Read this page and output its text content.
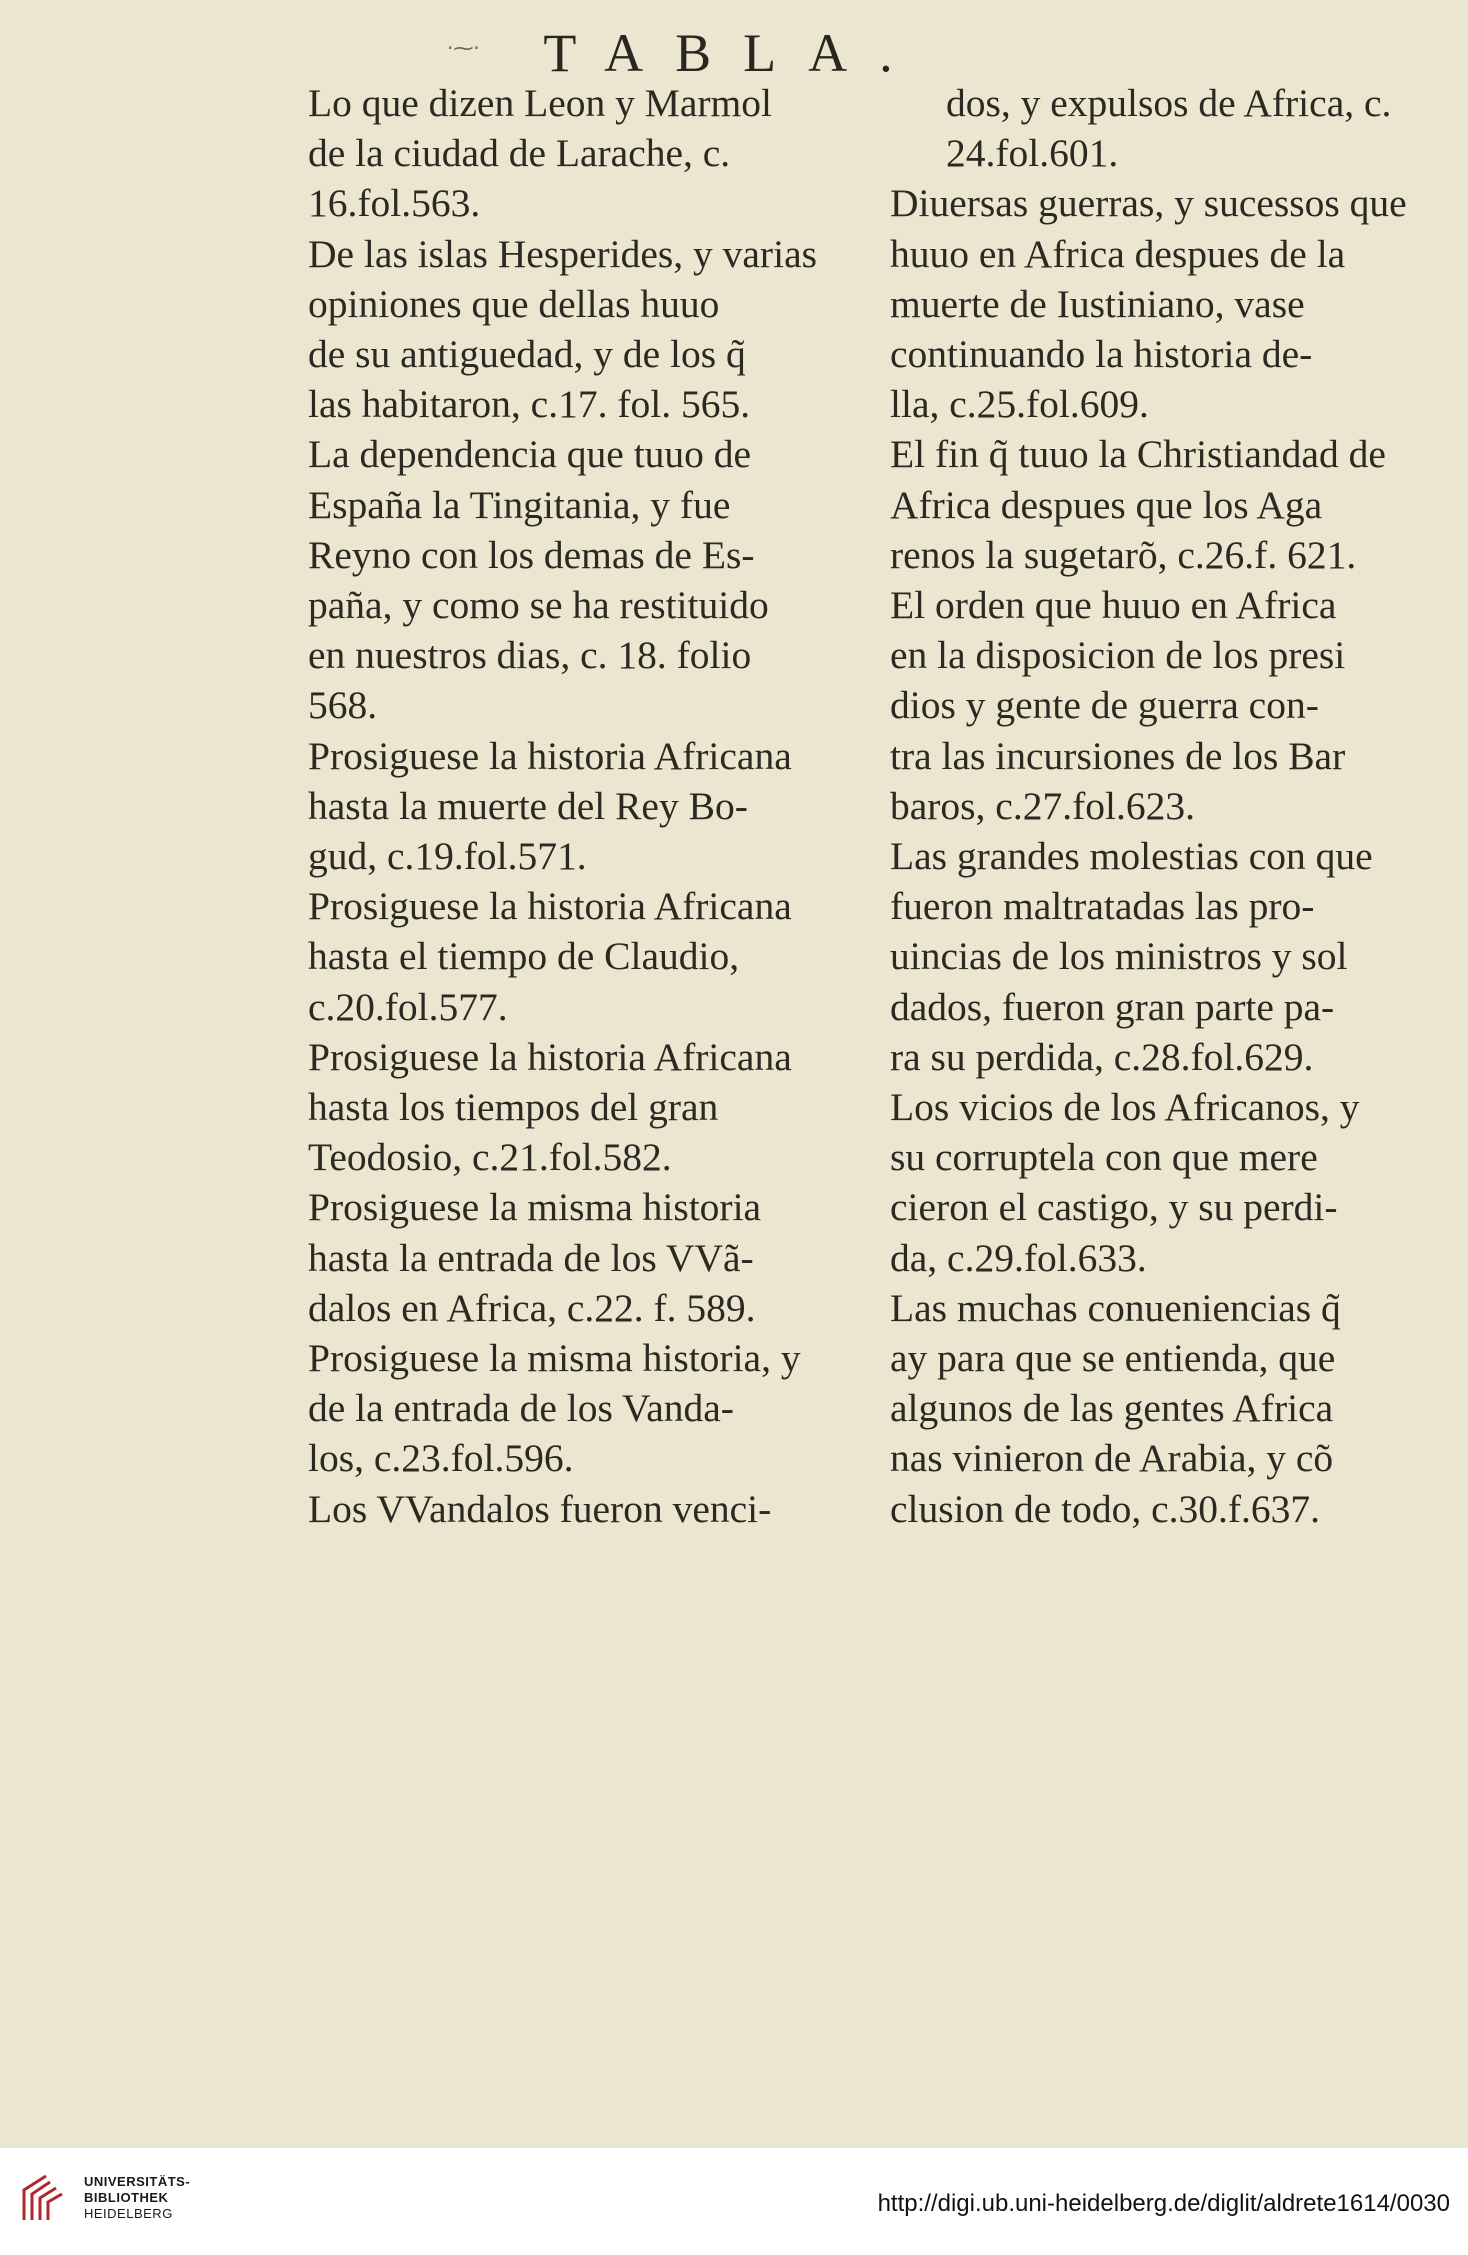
·⁓·	TABLA.
Lo que dizen Leon y Marmol
de la ciudad de Larache, c.
16.fol.563.
De las islas Hesperides, y varias
opiniones que dellas huuo
de su antiguedad, y de los q̃
las habitaron, c.17. fol. 565.
La dependencia que tuuo de
España la Tingitania, y fue
Reyno con los demas de Es-
paña, y como se ha restituido
en nuestros dias, c. 18. folio
568.
Prosiguese la historia Africana
hasta la muerte del Rey Bo-
gud, c.19.fol.571.
Prosiguese la historia Africana
hasta el tiempo de Claudio,
c.20.fol.577.
Prosiguese la historia Africana
hasta los tiempos del gran
Teodosio, c.21.fol.582.
Prosiguese la misma historia
hasta la entrada de los VVã-
dalos en Africa, c.22. f. 589.
Prosiguese la misma historia, y
de la entrada de los Vanda-
los, c.23.fol.596.
Los VVandalos fueron venci-
dos, y expulsos de Africa, c.
24.fol.601.
Diuersas guerras, y sucessos que
huuo en Africa despues de la
muerte de Iustiniano, vase
continuando la historia de-
lla, c.25.fol.609.
El fin q̃ tuuo la Christiandad de
Africa despues que los Aga
renos la sugetarõ, c.26.f. 621.
El orden que huuo en Africa
en la disposicion de los presi
dios y gente de guerra con-
tra las incursiones de los Bar
baros, c.27.fol.623.
Las grandes molestias con que
fueron maltratadas las pro-
uincias de los ministros y sol
dados, fueron gran parte pa-
ra su perdida, c.28.fol.629.
Los vicios de los Africanos, y
su corruptela con que mere
cieron el castigo, y su perdi-
da, c.29.fol.633.
Las muchas conueniencias q̃
ay para que se entienda, que
algunos de las gentes Africa
nas vinieron de Arabia, y cõ
clusion de todo, c.30.f.637.
UNIVERSITÄTS-
BIBLIOTHEK
HEIDELBERG	http://digi.ub.uni-heidelberg.de/diglit/aldrete1614/0030
